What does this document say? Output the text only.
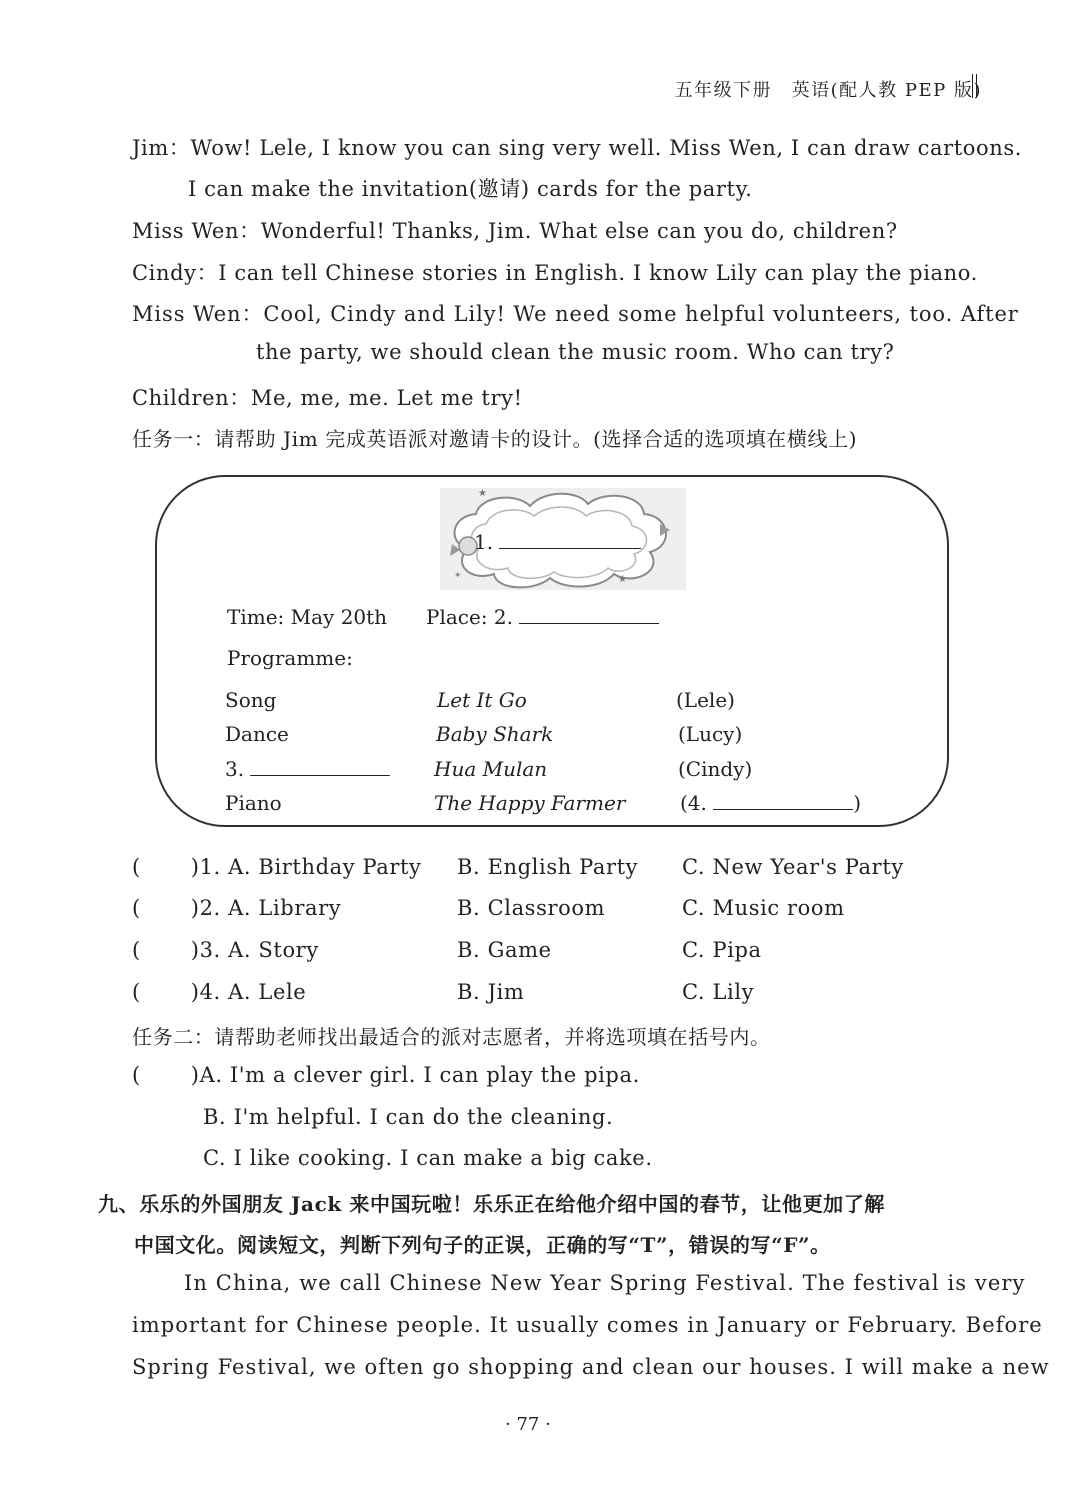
五年级下册　英语(配人教 PEP 版)
Jim：Wow! Lele, I know you can sing very well. Miss Wen, I can draw cartoons.
I can make the invitation(邀请) cards for the party.
Miss Wen：Wonderful! Thanks, Jim. What else can you do, children?
Cindy：I can tell Chinese stories in English. I know Lily can play the piano.
Miss Wen：Cool, Cindy and Lily! We need some helpful volunteers, too. After
the party, we should clean the music room. Who can try?
Children：Me, me, me. Let me try!
任务一：请帮助 Jim 完成英语派对邀请卡的设计。(选择合适的选项填在横线上)
★
★
✦
1.
Time: May 20th Place: 2.
Programme:
Song	Let It Go	(Lele)
Dance	Baby Shark	(Lucy)
3.	Hua Mulan	(Cindy)
Piano	The Happy Farmer	(4.	)
( )1. A. Birthday Party B. English Party C. New Year's Party
( )2. A. Library	B. Classroom	C. Music room
( )3. A. Story	B. Game	C. Pipa
( )4. A. Lele	B. Jim	C. Lily
任务二：请帮助老师找出最适合的派对志愿者，并将选项填在括号内。
( )A. I'm a clever girl. I can play the pipa.
B. I'm helpful. I can do the cleaning.
C. I like cooking. I can make a big cake.
九、乐乐的外国朋友 Jack 来中国玩啦！乐乐正在给他介绍中国的春节，让他更加了解
中国文化。阅读短文，判断下列句子的正误，正确的写“T”，错误的写“F”。
In China, we call Chinese New Year Spring Festival. The festival is very
important for Chinese people. It usually comes in January or February. Before
Spring Festival, we often go shopping and clean our houses. I will make a new
· 77 ·
